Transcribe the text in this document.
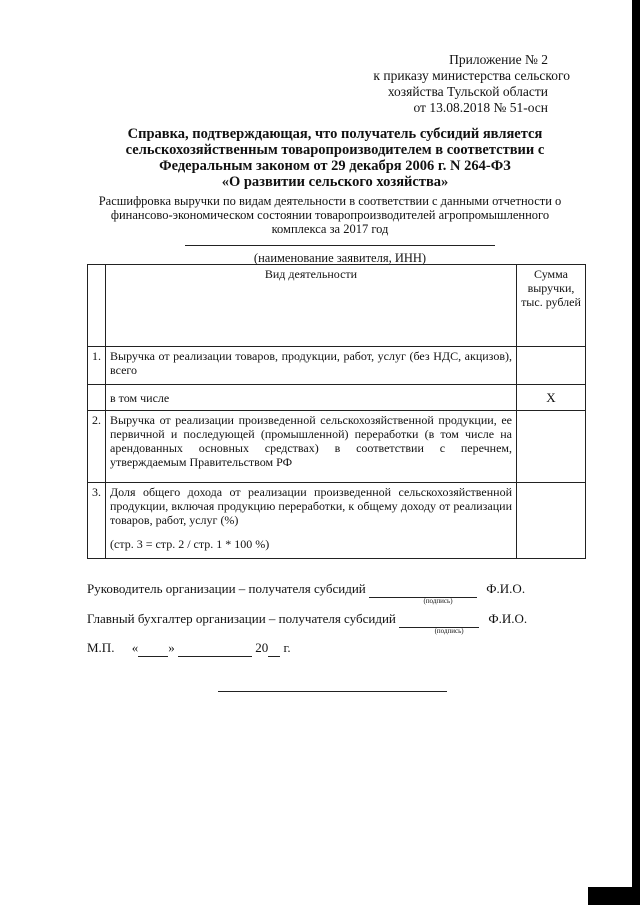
Приложение № 2
к приказу министерства сельского
хозяйства Тульской области
от 13.08.2018 № 51-осн
Справка, подтверждающая, что получатель субсидий является
сельскохозяйственным товаропроизводителем в соответствии с
Федеральным законом от 29 декабря 2006 г. N 264-ФЗ
«О развитии сельского хозяйства»
Расшифровка выручки по видам деятельности в соответствии с данными отчетности о
финансово-экономическом состоянии товаропроизводителей агропромышленного
комплекса за 2017 год
(наименование заявителя, ИНН)
	Вид деятельности	Сумма выручки, тыс. рублей
1.	Выручка от реализации товаров, продукции, работ, услуг (без НДС, акцизов), всего	
	в том числе	X
2.	Выручка от реализации произведенной сельскохозяйственной продукции, ее первичной и последующей (промышленной) переработки (в том числе на арендованных основных средствах) в соответствии с перечнем, утверждаемым Правительством РФ	
3.	Доля общего дохода от реализации произведенной сельскохозяйственной продукции, включая продукцию переработки, к общему доходу от реализации товаров, работ, услуг (%)
(стр. 3 = стр. 2 / стр. 1 * 100 %)	

Руководитель организации – получателя субсидий
(подпись)
Ф.И.О.
Главный бухгалтер организации – получателя субсидий
(подпись)
Ф.И.О.
М.П. « »	20 г.
